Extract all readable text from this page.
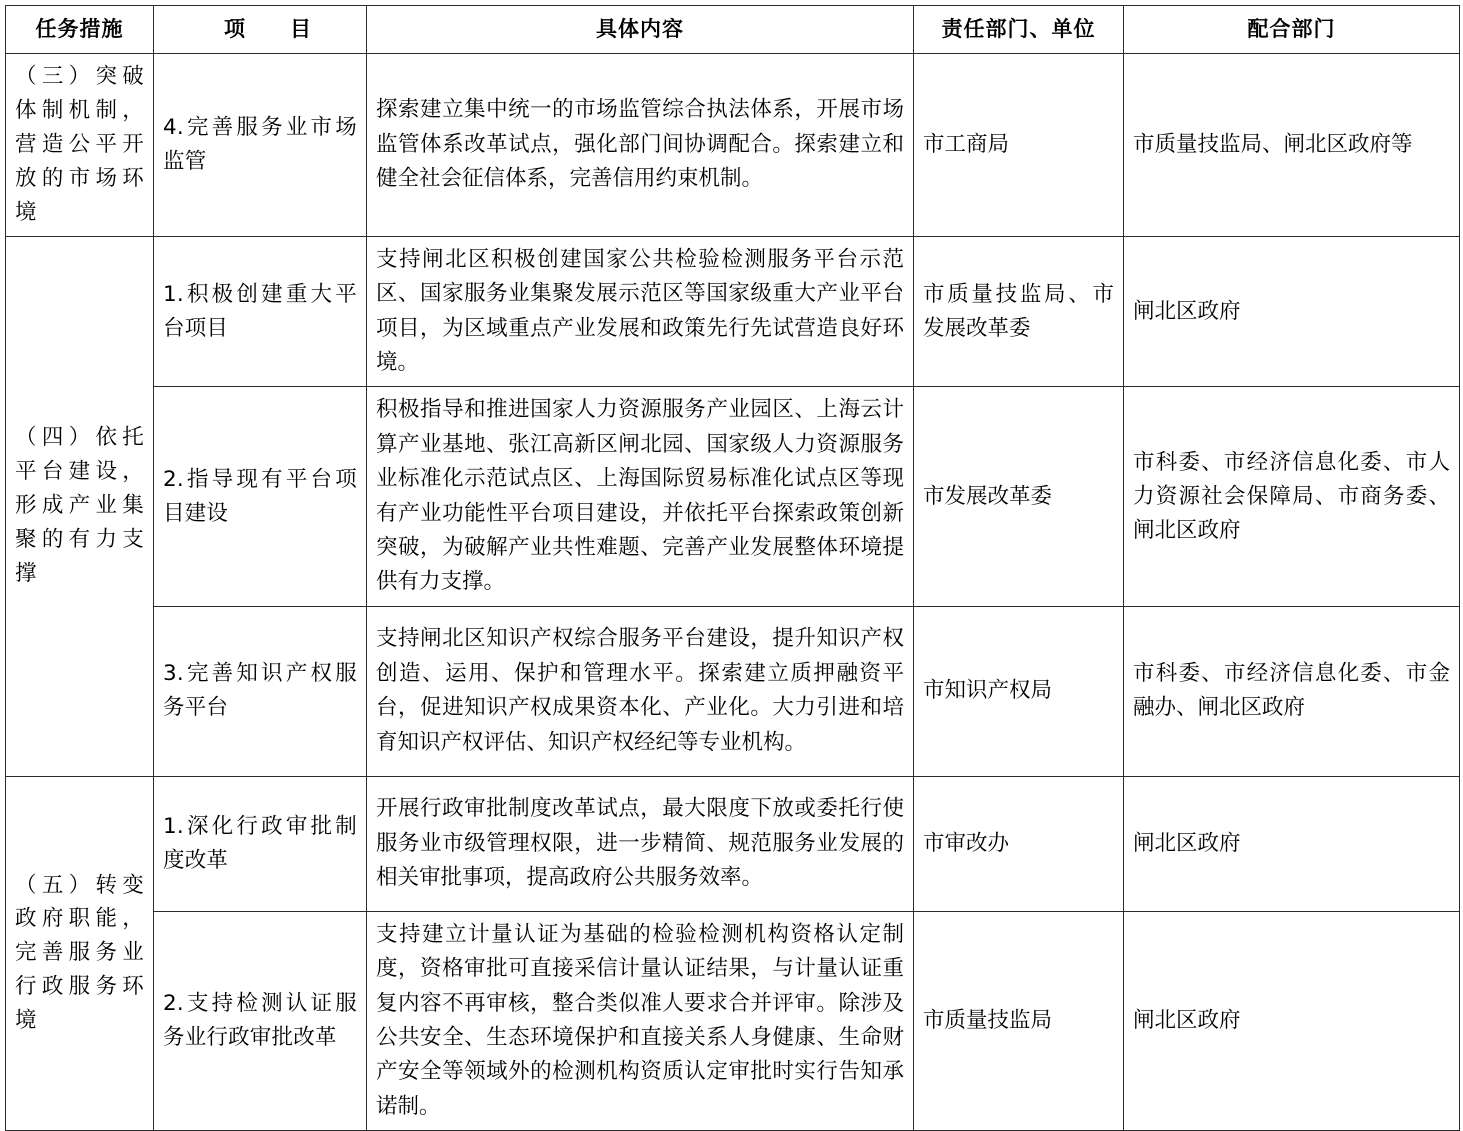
任务措施	项　　目	具体内容	责任部门、单位	配合部门
（三）突破体制机制，营造公平开放的市场环境	4.完善服务业市场监管	探索建立集中统一的市场监管综合执法体系，开展市场监管体系改革试点，强化部门间协调配合。探索建立和健全社会征信体系，完善信用约束机制。	市工商局	市质量技监局、闸北区政府等
（四）依托平台建设，形成产业集聚的有力支撑	1.积极创建重大平台项目	支持闸北区积极创建国家公共检验检测服务平台示范区、国家服务业集聚发展示范区等国家级重大产业平台项目，为区域重点产业发展和政策先行先试营造良好环境。	市质量技监局、市发展改革委	闸北区政府
	2.指导现有平台项目建设	积极指导和推进国家人力资源服务产业园区、上海云计算产业基地、张江高新区闸北园、国家级人力资源服务业标准化示范试点区、上海国际贸易标准化试点区等现有产业功能性平台项目建设，并依托平台探索政策创新突破，为破解产业共性难题、完善产业发展整体环境提供有力支撑。	市发展改革委	市科委、市经济信息化委、市人力资源社会保障局、市商务委、闸北区政府
	3.完善知识产权服务平台	支持闸北区知识产权综合服务平台建设，提升知识产权创造、运用、保护和管理水平。探索建立质押融资平台，促进知识产权成果资本化、产业化。大力引进和培育知识产权评估、知识产权经纪等专业机构。	市知识产权局	市科委、市经济信息化委、市金融办、闸北区政府
（五）转变政府职能，完善服务业行政服务环境	1.深化行政审批制度改革	开展行政审批制度改革试点，最大限度下放或委托行使服务业市级管理权限，进一步精简、规范服务业发展的相关审批事项，提高政府公共服务效率。	市审改办	闸北区政府
	2.支持检测认证服务业行政审批改革	支持建立计量认证为基础的检验检测机构资格认定制度，资格审批可直接采信计量认证结果，与计量认证重复内容不再审核，整合类似准人要求合并评审。除涉及公共安全、生态环境保护和直接关系人身健康、生命财产安全等领域外的检测机构资质认定审批时实行告知承诺制。	市质量技监局	闸北区政府
